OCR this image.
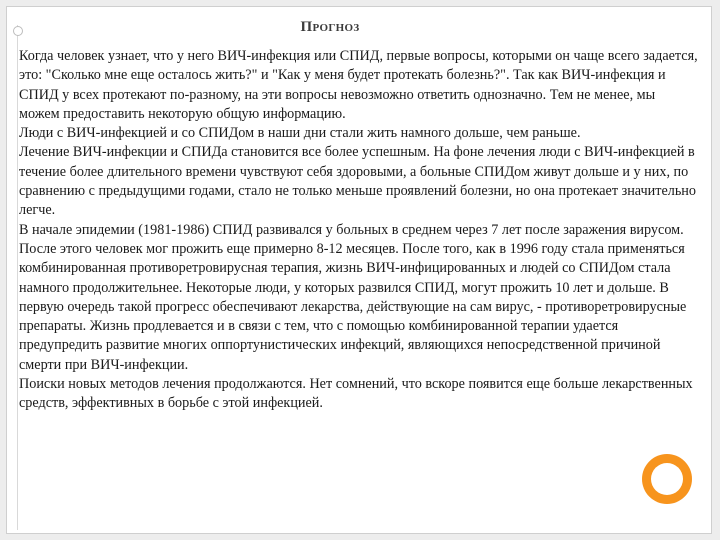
Прогноз

Когда человек узнает, что у него ВИЧ-инфекция или СПИД, первые вопросы, которыми он чаще всего задается, это: "Сколько мне еще осталось жить?" и "Как у меня будет протекать болезнь?". Так как ВИЧ-инфекция и СПИД у всех протекают по-разному, на эти вопросы невозможно ответить однозначно. Тем не менее, мы можем предоставить некоторую общую информацию.

Люди с ВИЧ-инфекцией и со СПИДом в наши дни стали жить намного дольше, чем раньше.

Лечение ВИЧ-инфекции и СПИДа становится все более успешным. На фоне лечения люди с ВИЧ-инфекцией в течение более длительного времени чувствуют себя здоровыми, а больные СПИДом живут дольше и у них, по сравнению с предыдущими годами, стало не только меньше проявлений болезни, но она протекает значительно легче.

В начале эпидемии (1981-1986) СПИД развивался у больных в среднем через 7 лет после заражения вирусом. После этого человек мог прожить еще примерно 8-12 месяцев. После того, как в 1996 году стала применяться комбинированная противоретровирусная терапия, жизнь ВИЧ-инфицированных и людей со СПИДом стала намного продолжительнее. Некоторые люди, у которых развился СПИД, могут прожить 10 лет и дольше. В первую очередь такой прогресс обеспечивают лекарства, действующие на сам вирус, - противоретровирусные препараты. Жизнь продлевается и в связи с тем, что с помощью комбинированной терапии удается предупредить развитие многих оппортунистических инфекций, являющихся непосредственной причиной смерти при ВИЧ-инфекции.

Поиски новых методов лечения продолжаются. Нет сомнений, что вскоре появится еще больше лекарственных средств, эффективных в борьбе с этой инфекцией.
